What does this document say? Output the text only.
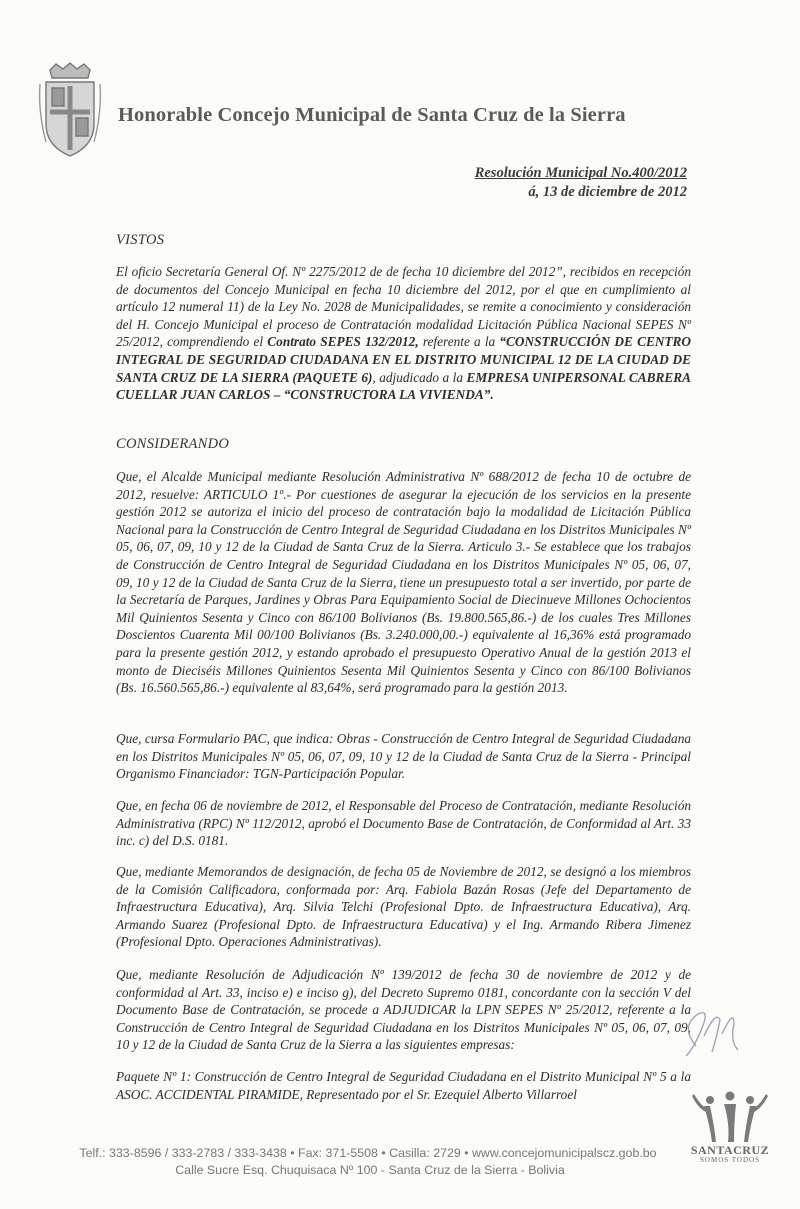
Honorable Concejo Municipal de Santa Cruz de la Sierra
Resolución Municipal No.400/2012
á, 13 de diciembre de 2012
VISTOS

El oficio Secretaría General Of. Nº 2275/2012 de de fecha 10 diciembre del 2012”, recibidos en recepción de documentos del Concejo Municipal en fecha 10 diciembre del 2012, por el que en cumplimiento al artículo 12 numeral 11) de la Ley No. 2028 de Municipalidades, se remite a conocimiento y consideración del H. Concejo Municipal el proceso de Contratación modalidad Licitación Pública Nacional SEPES Nº 25/2012, comprendiendo el Contrato SEPES 132/2012, referente a la “CONSTRUCCIÓN DE CENTRO INTEGRAL DE SEGURIDAD CIUDADANA EN EL DISTRITO MUNICIPAL 12 DE LA CIUDAD DE SANTA CRUZ DE LA SIERRA (PAQUETE 6), adjudicado a la EMPRESA UNIPERSONAL CABRERA CUELLAR JUAN CARLOS – “CONSTRUCTORA LA VIVIENDA”.

CONSIDERANDO

Que, el Alcalde Municipal mediante Resolución Administrativa Nº 688/2012 de fecha 10 de octubre de 2012, resuelve: ARTICULO 1º.- Por cuestiones de asegurar la ejecución de los servicios en la presente gestión 2012 se autoriza el inicio del proceso de contratación bajo la modalidad de Licitación Pública Nacional para la Construcción de Centro Integral de Seguridad Ciudadana en los Distritos Municipales Nº 05, 06, 07, 09, 10 y 12 de la Ciudad de Santa Cruz de la Sierra. Articulo 3.- Se establece que los trabajos de Construcción de Centro Integral de Seguridad Ciudadana en los Distritos Municipales Nº 05, 06, 07, 09, 10 y 12 de la Ciudad de Santa Cruz de la Sierra, tiene un presupuesto total a ser invertido, por parte de la Secretaría de Parques, Jardines y Obras Para Equipamiento Social de Diecinueve Millones Ochocientos Mil Quinientos Sesenta y Cinco con 86/100 Bolivianos (Bs. 19.800.565,86.-) de los cuales Tres Millones Doscientos Cuarenta Mil 00/100 Bolivianos (Bs. 3.240.000,00.-) equivalente al 16,36% está programado para la presente gestión 2012, y estando aprobado el presupuesto Operativo Anual de la gestión 2013 el monto de Dieciséis Millones Quinientos Sesenta Mil Quinientos Sesenta y Cinco con 86/100 Bolivianos (Bs. 16.560.565,86.-) equivalente al 83,64%, será programado para la gestión 2013.

Que, cursa Formulario PAC, que indica: Obras - Construcción de Centro Integral de Seguridad Ciudadana en los Distritos Municipales Nº 05, 06, 07, 09, 10 y 12 de la Ciudad de Santa Cruz de la Sierra - Principal Organismo Financiador: TGN-Participación Popular.

Que, en fecha 06 de noviembre de 2012, el Responsable del Proceso de Contratación, mediante Resolución Administrativa (RPC) Nº 112/2012, aprobó el Documento Base de Contratación, de Conformidad al Art. 33 inc. c) del D.S. 0181.

Que, mediante Memorandos de designación, de fecha 05 de Noviembre de 2012, se designó a los miembros de la Comisión Calificadora, conformada por: Arq. Fabiola Bazán Rosas (Jefe del Departamento de Infraestructura Educativa), Arq. Silvia Telchi (Profesional Dpto. de Infraestructura Educativa), Arq. Armando Suarez (Profesional Dpto. de Infraestructura Educativa) y el Ing. Armando Ribera Jimenez (Profesional Dpto. Operaciones Administrativas).

Que, mediante Resolución de Adjudicación Nº 139/2012 de fecha 30 de noviembre de 2012 y de conformidad al Art. 33, inciso e) e inciso g), del Decreto Supremo 0181, concordante con la sección V del Documento Base de Contratación, se procede a ADJUDICAR la LPN SEPES Nº 25/2012, referente a la Construcción de Centro Integral de Seguridad Ciudadana en los Distritos Municipales Nº 05, 06, 07, 09, 10 y 12 de la Ciudad de Santa Cruz de la Sierra a las siguientes empresas:

Paquete Nº 1: Construcción de Centro Integral de Seguridad Ciudadana en el Distrito Municipal Nº 5 a la ASOC. ACCIDENTAL PIRAMIDE, Representado por el Sr. Ezequiel Alberto Villarroel

Telf.: 333-8596 / 333-2783 / 333-3438 • Fax: 371-5508 • Casilla: 2729 • www.concejomunicipalscz.gob.bo
Calle Sucre Esq. Chuquisaca Nº 100 - Santa Cruz de la Sierra - Bolivia
SANTACRUZ
SOMOS TODOS
